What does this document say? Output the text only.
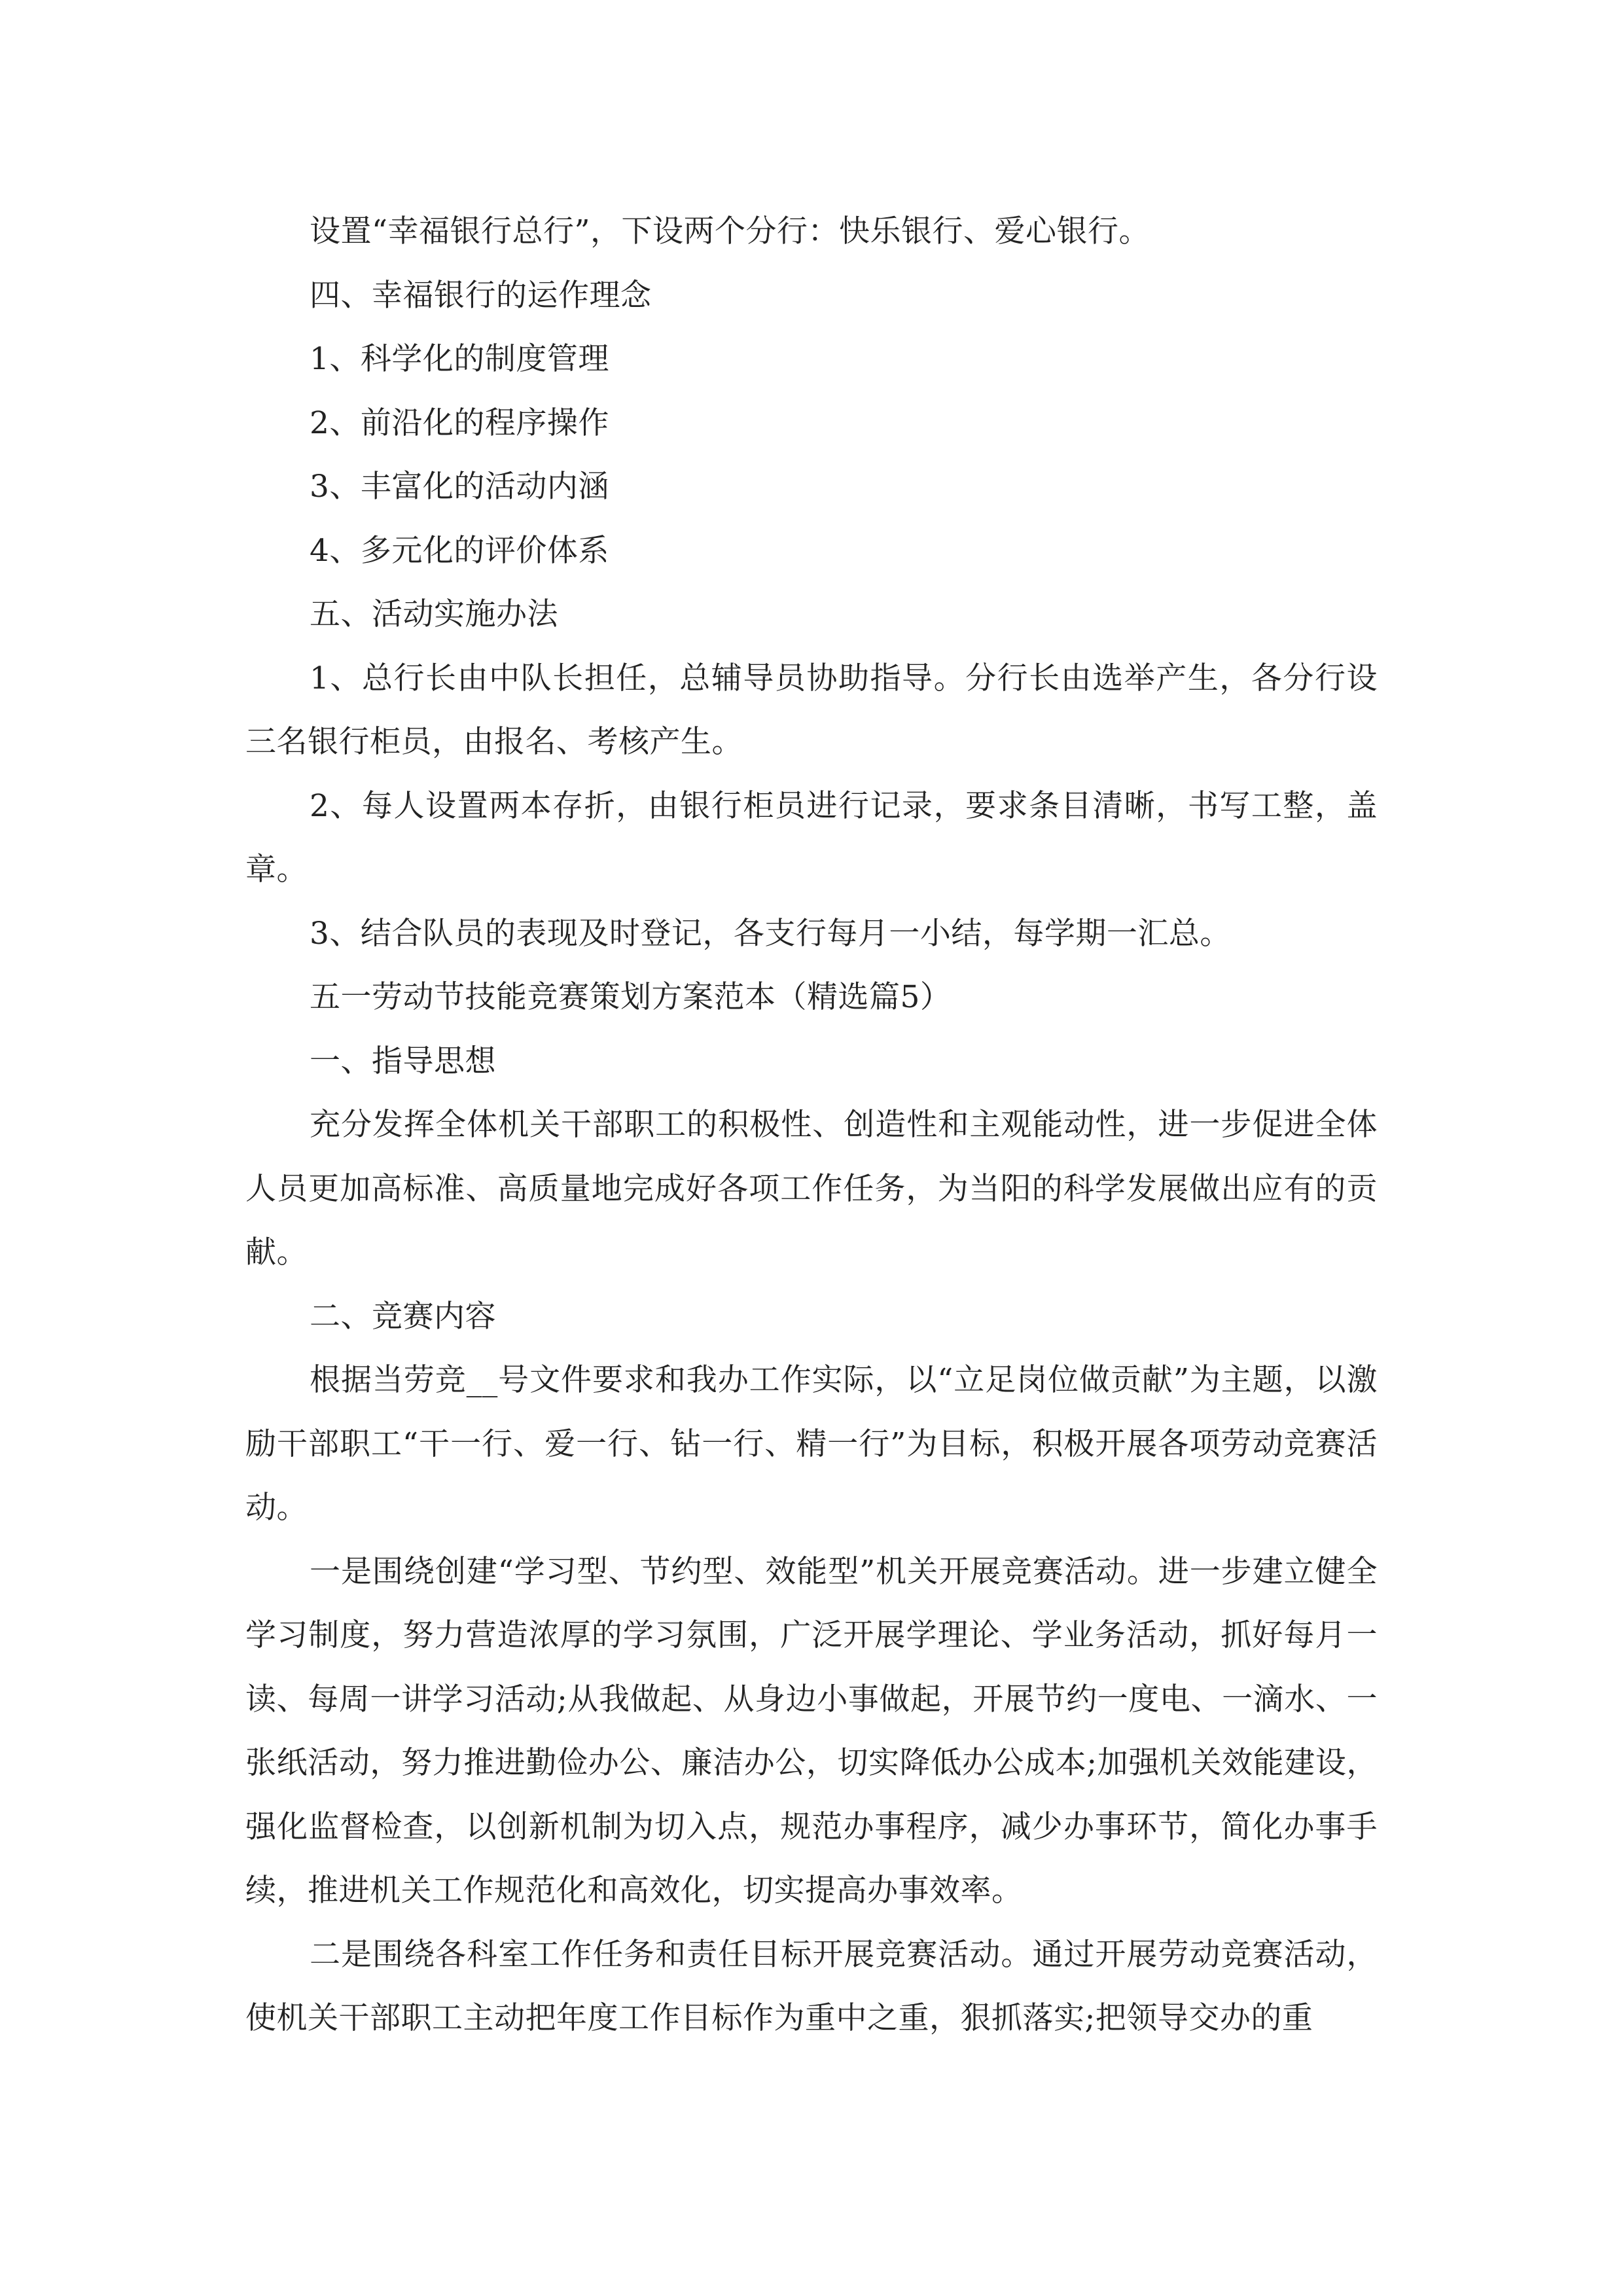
设置“幸福银行总行”，下设两个分行：快乐银行、爱心银行。

四、幸福银行的运作理念

1、科学化的制度管理

2、前沿化的程序操作

3、丰富化的活动内涵

4、多元化的评价体系

五、活动实施办法

1、总行长由中队长担任，总辅导员协助指导。分行长由选举产生，各分行设三名银行柜员，由报名、考核产生。

2、每人设置两本存折，由银行柜员进行记录，要求条目清晰，书写工整，盖章。

3、结合队员的表现及时登记，各支行每月一小结，每学期一汇总。

五一劳动节技能竞赛策划方案范本（精选篇5）

一、指导思想

充分发挥全体机关干部职工的积极性、创造性和主观能动性，进一步促进全体人员更加高标准、高质量地完成好各项工作任务，为当阳的科学发展做出应有的贡献。

二、竞赛内容

根据当劳竞__号文件要求和我办工作实际，以“立足岗位做贡献”为主题，以激励干部职工“干一行、爱一行、钻一行、精一行”为目标，积极开展各项劳动竞赛活动。

一是围绕创建“学习型、节约型、效能型”机关开展竞赛活动。进一步建立健全学习制度，努力营造浓厚的学习氛围，广泛开展学理论、学业务活动，抓好每月一读、每周一讲学习活动;从我做起、从身边小事做起，开展节约一度电、一滴水、一张纸活动，努力推进勤俭办公、廉洁办公，切实降低办公成本;加强机关效能建设，强化监督检查，以创新机制为切入点，规范办事程序，减少办事环节，简化办事手续，推进机关工作规范化和高效化，切实提高办事效率。

二是围绕各科室工作任务和责任目标开展竞赛活动。通过开展劳动竞赛活动，使机关干部职工主动把年度工作目标作为重中之重，狠抓落实;把领导交办的重
